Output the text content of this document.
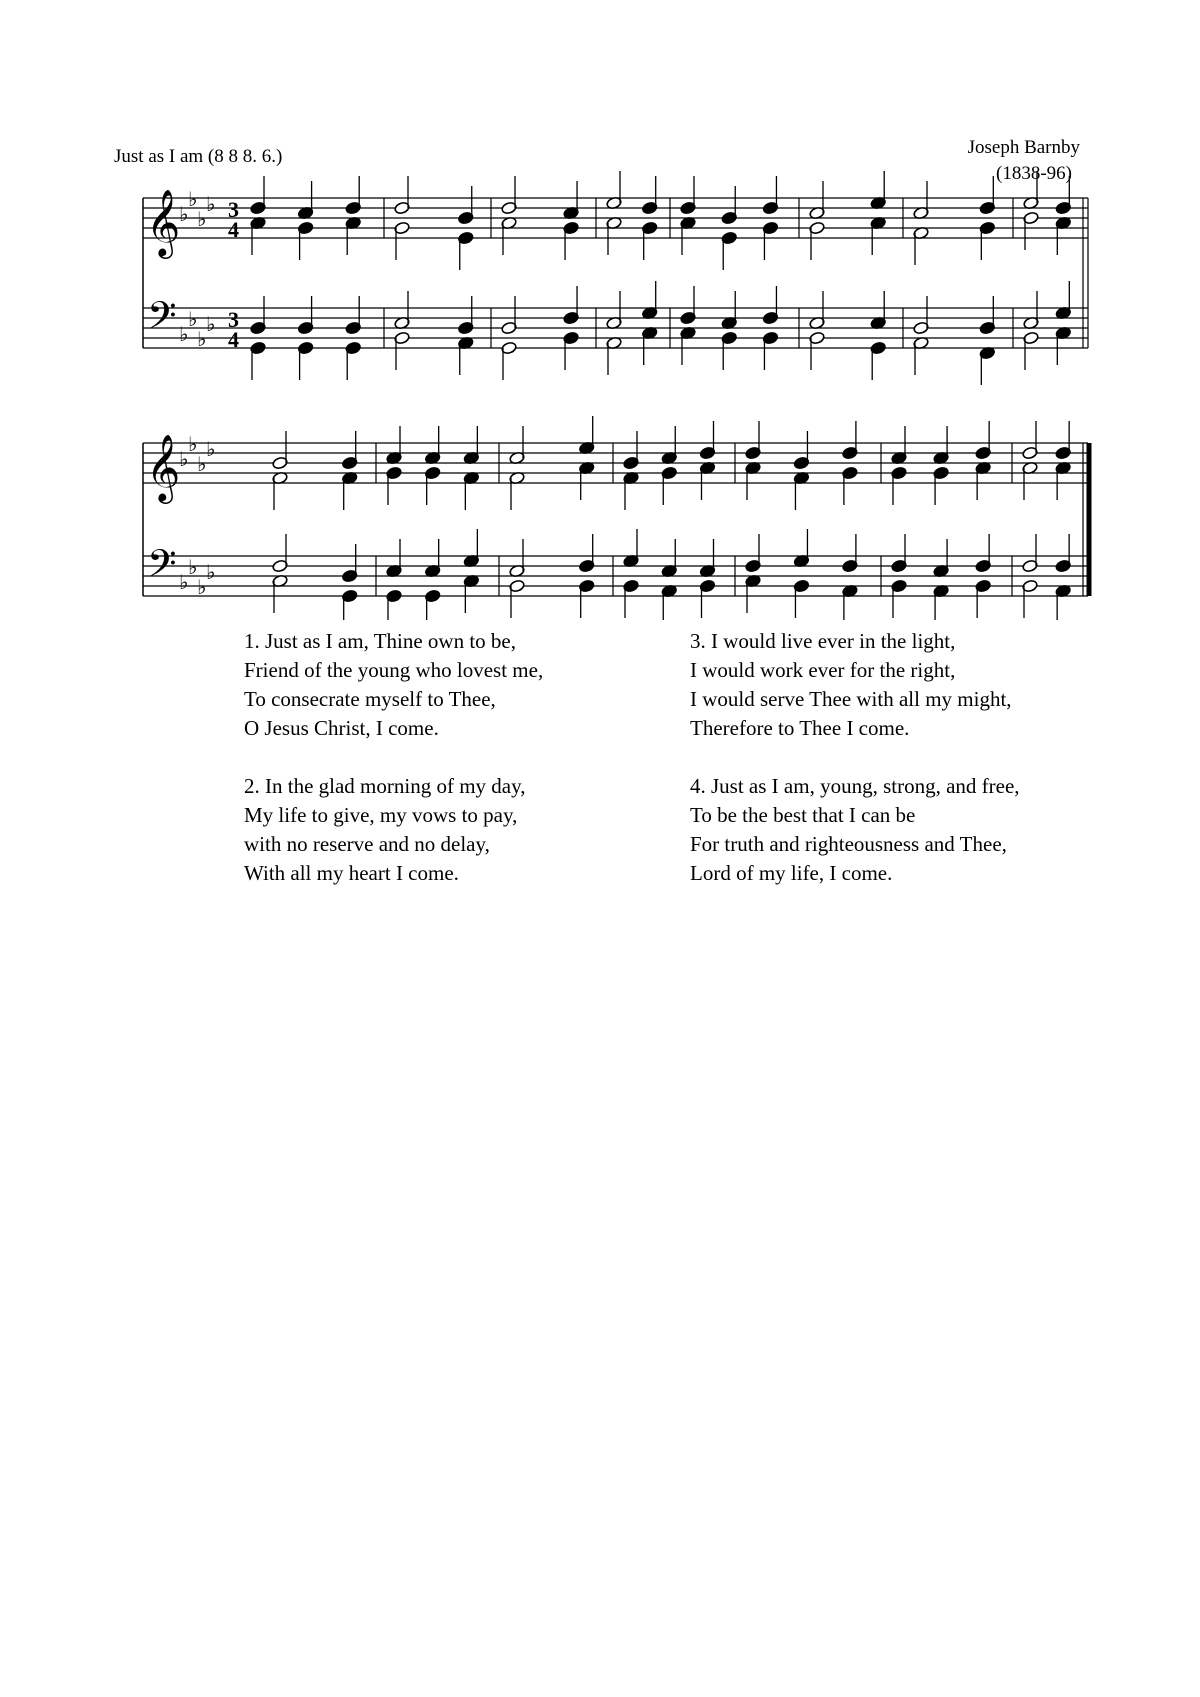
Just as I am (8 8 8. 6.)	Joseph Barnby
(1838-96)
𝄞
𝄢
♭
♭
♭
♭
♭
♭
♭
♭
3
4
3
4
𝄞
𝄢
♭
♭
♭
♭
♭
♭
♭
♭
1. Just as I am, Thine own to be,
Friend of the young who lovest me,
To consecrate myself to Thee,
O Jesus Christ, I come.
2. In the glad morning of my day,
My life to give, my vows to pay,
with no reserve and no delay,
With all my heart I come.
3. I would live ever in the light,
I would work ever for the right,
I would serve Thee with all my might,
Therefore to Thee I come.
4. Just as I am, young, strong, and free,
To be the best that I can be
For truth and righteousness and Thee,
Lord of my life, I come.
